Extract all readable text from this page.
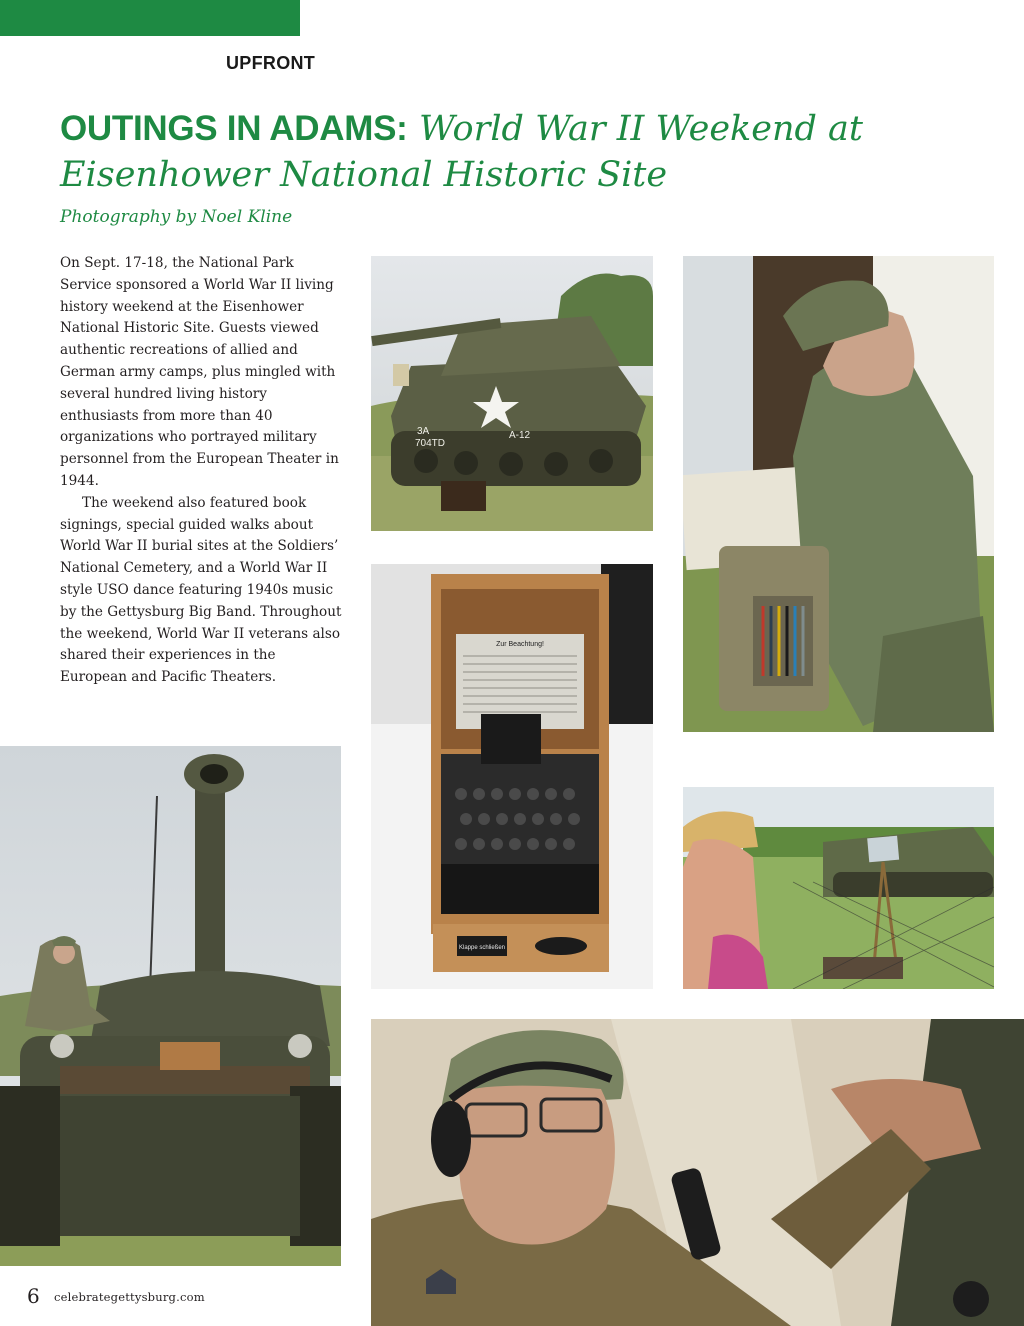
UPFRONT
OUTINGS IN ADAMS: World War II Weekend at Eisenhower National Historic Site
Photography by Noel Kline

On Sept. 17-18, the National Park Service sponsored a World War II living history weekend at the Eisenhower National Historic Site. Guests viewed authentic recreations of allied and German army camps, plus mingled with several hundred living history enthusiasts from more than 40 organizations who portrayed military personnel from the European Theater in 1944.

The weekend also featured book signings, special guided walks about World War II burial sites at the Soldiers’ National Cemetery, and a World War II style USO dance featuring 1940s music by the Gettysburg Big Band. Throughout the weekend, World War II veterans also shared their experiences in the European and Pacific Theaters.

3A
704TD
A-12
Zur Beachtung!
Klappe schließen
6 celebrategettysburg.com
